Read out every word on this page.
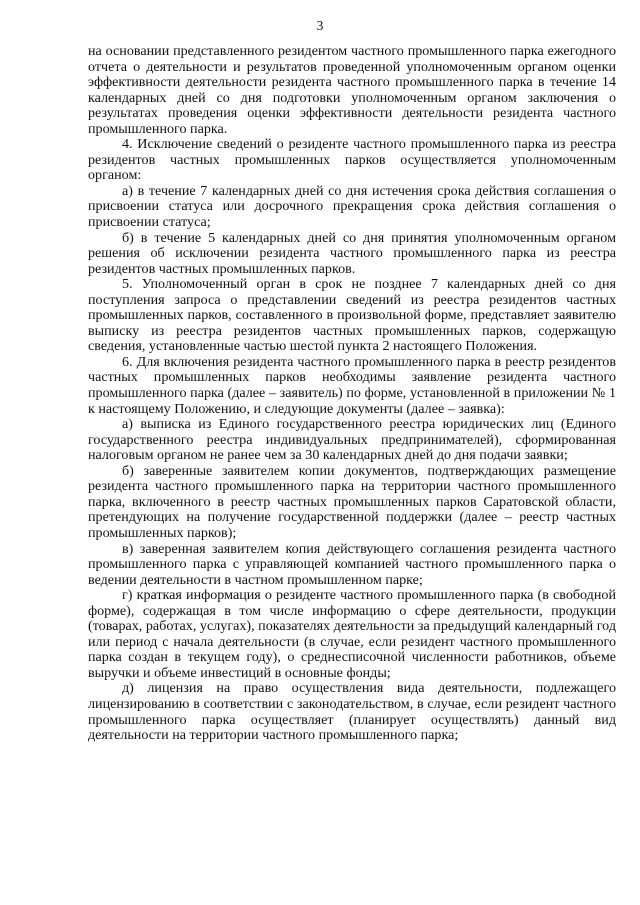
3

на основании представленного резидентом частного промышленного парка ежегодного отчета о деятельности и результатов проведенной уполномоченным органом оценки эффективности деятельности резидента частного промышленного парка в течение 14 календарных дней со дня подготовки уполномоченным органом заключения о результатах проведения оценки эффективности деятельности резидента частного промышленного парка.

4. Исключение сведений о резиденте частного промышленного парка из реестра резидентов частных промышленных парков осуществляется уполномоченным органом:

а) в течение 7 календарных дней со дня истечения срока действия соглашения о присвоении статуса или досрочного прекращения срока действия соглашения о присвоении статуса;

б) в течение 5 календарных дней со дня принятия уполномоченным органом решения об исключении резидента частного промышленного парка из реестра резидентов частных промышленных парков.

5. Уполномоченный орган в срок не позднее 7 календарных дней со дня поступления запроса о представлении сведений из реестра резидентов частных промышленных парков, составленного в произвольной форме, представляет заявителю выписку из реестра резидентов частных промышленных парков, содержащую сведения, установленные частью шестой пункта 2 настоящего Положения.

6. Для включения резидента частного промышленного парка в реестр резидентов частных промышленных парков необходимы заявление резидента частного промышленного парка (далее – заявитель) по форме, установленной в приложении № 1 к настоящему Положению, и следующие документы (далее – заявка):

а) выписка из Единого государственного реестра юридических лиц (Единого государственного реестра индивидуальных предпринимателей), сформированная налоговым органом не ранее чем за 30 календарных дней до дня подачи заявки;

б) заверенные заявителем копии документов, подтверждающих размещение резидента частного промышленного парка на территории частного промышленного парка, включенного в реестр частных промышленных парков Саратовской области, претендующих на получение государственной поддержки (далее – реестр частных промышленных парков);

в) заверенная заявителем копия действующего соглашения резидента частного промышленного парка с управляющей компанией частного промышленного парка о ведении деятельности в частном промышленном парке;

г) краткая информация о резиденте частного промышленного парка (в свободной форме), содержащая в том числе информацию о сфере деятельности, продукции (товарах, работах, услугах), показателях деятельности за предыдущий календарный год или период с начала деятельности (в случае, если резидент частного промышленного парка создан в текущем году), о среднесписочной численности работников, объеме выручки и объеме инвестиций в основные фонды;

д) лицензия на право осуществления вида деятельности, подлежащего лицензированию в соответствии с законодательством, в случае, если резидент частного промышленного парка осуществляет (планирует осуществлять) данный вид деятельности на территории частного промышленного парка;
